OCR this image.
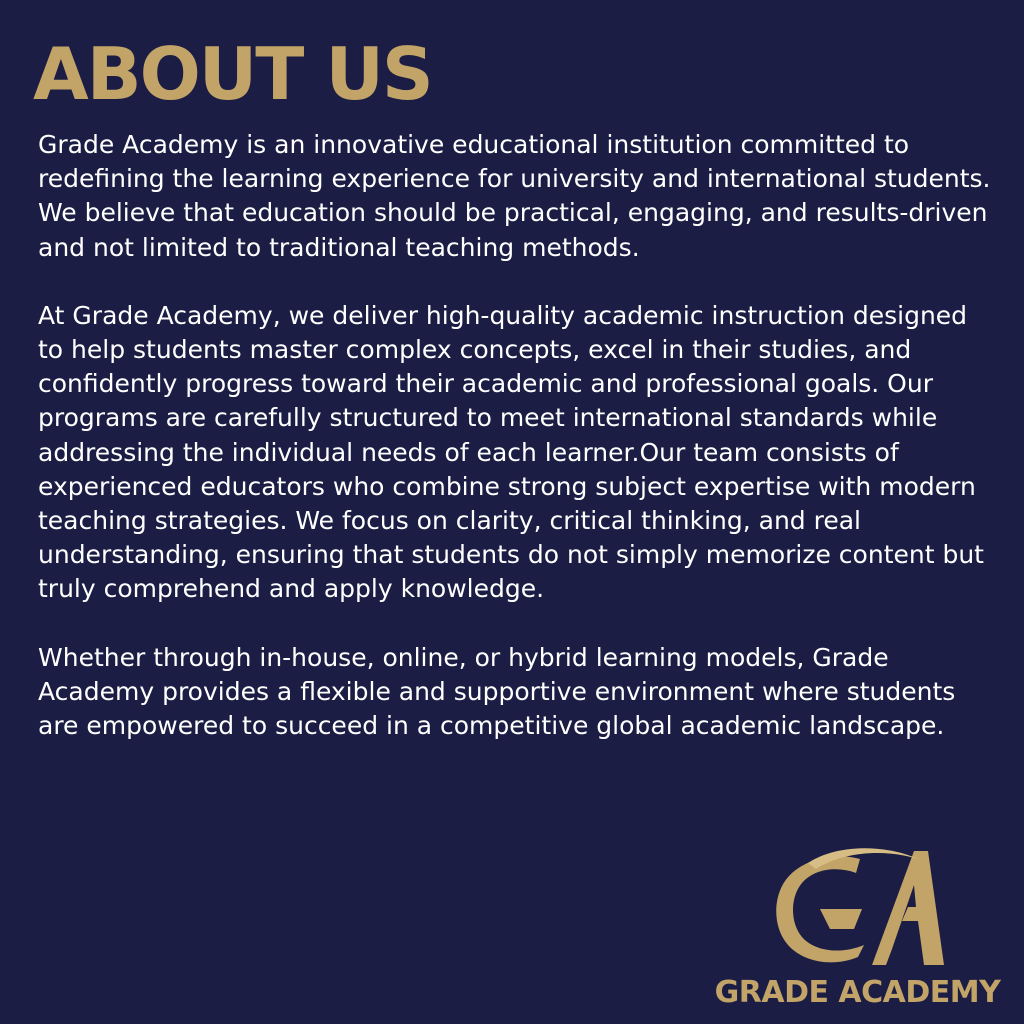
ABOUT US

Grade Academy is an innovative educational institution committed to redefining the learning experience for university and international students. We believe that education should be practical, engaging, and results-driven and not limited to traditional teaching methods.

At Grade Academy, we deliver high-quality academic instruction designed to help students master complex concepts, excel in their studies, and confidently progress toward their academic and professional goals. Our programs are carefully structured to meet international standards while addressing the individual needs of each learner.Our team consists of experienced educators who combine strong subject expertise with modern teaching strategies. We focus on clarity, critical thinking, and real understanding, ensuring that students do not simply memorize content but truly comprehend and apply knowledge.

Whether through in-house, online, or hybrid learning models, Grade Academy provides a flexible and supportive environment where students are empowered to succeed in a competitive global academic landscape.

GRADE ACADEMY
